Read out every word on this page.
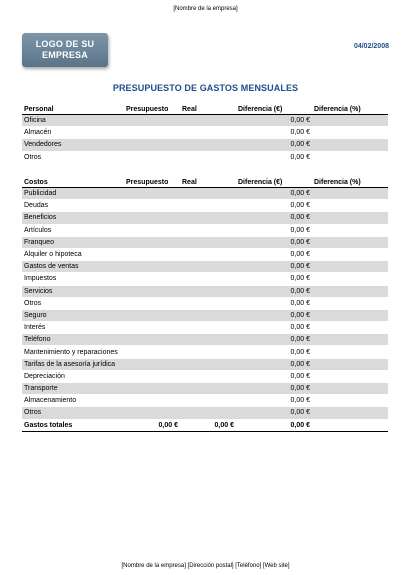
[Nombre de la empresa]
LOGO DE SU
EMPRESA
04/02/2008
PRESUPUESTO DE GASTOS MENSUALES
Personal	Presupuesto	Real	Diferencia (€)	Diferencia (%)
Oficina			0,00 €	
Almacén			0,00 €	
Vendedores			0,00 €	
Otros			0,00 €	
Costos	Presupuesto	Real	Diferencia (€)	Diferencia (%)
Publicidad			0,00 €	
Deudas			0,00 €	
Beneficios			0,00 €	
Artículos			0,00 €	
Franqueo			0,00 €	
Alquiler o hipoteca			0,00 €	
Gastos de ventas			0,00 €	
Impuestos			0,00 €	
Servicios			0,00 €	
Otros			0,00 €	
Seguro			0,00 €	
Interés			0,00 €	
Teléfono			0,00 €	
Mantenimiento y reparaciones			0,00 €	
Tarifas de la asesoría jurídica			0,00 €	
Depreciación			0,00 €	
Transporte			0,00 €	
Almacenamiento			0,00 €	
Otros			0,00 €	
Gastos totales	0,00 €	0,00 €	0,00 €	
[Nombre de la empresa] [Dirección postal] [Teléfono] [Web site]
